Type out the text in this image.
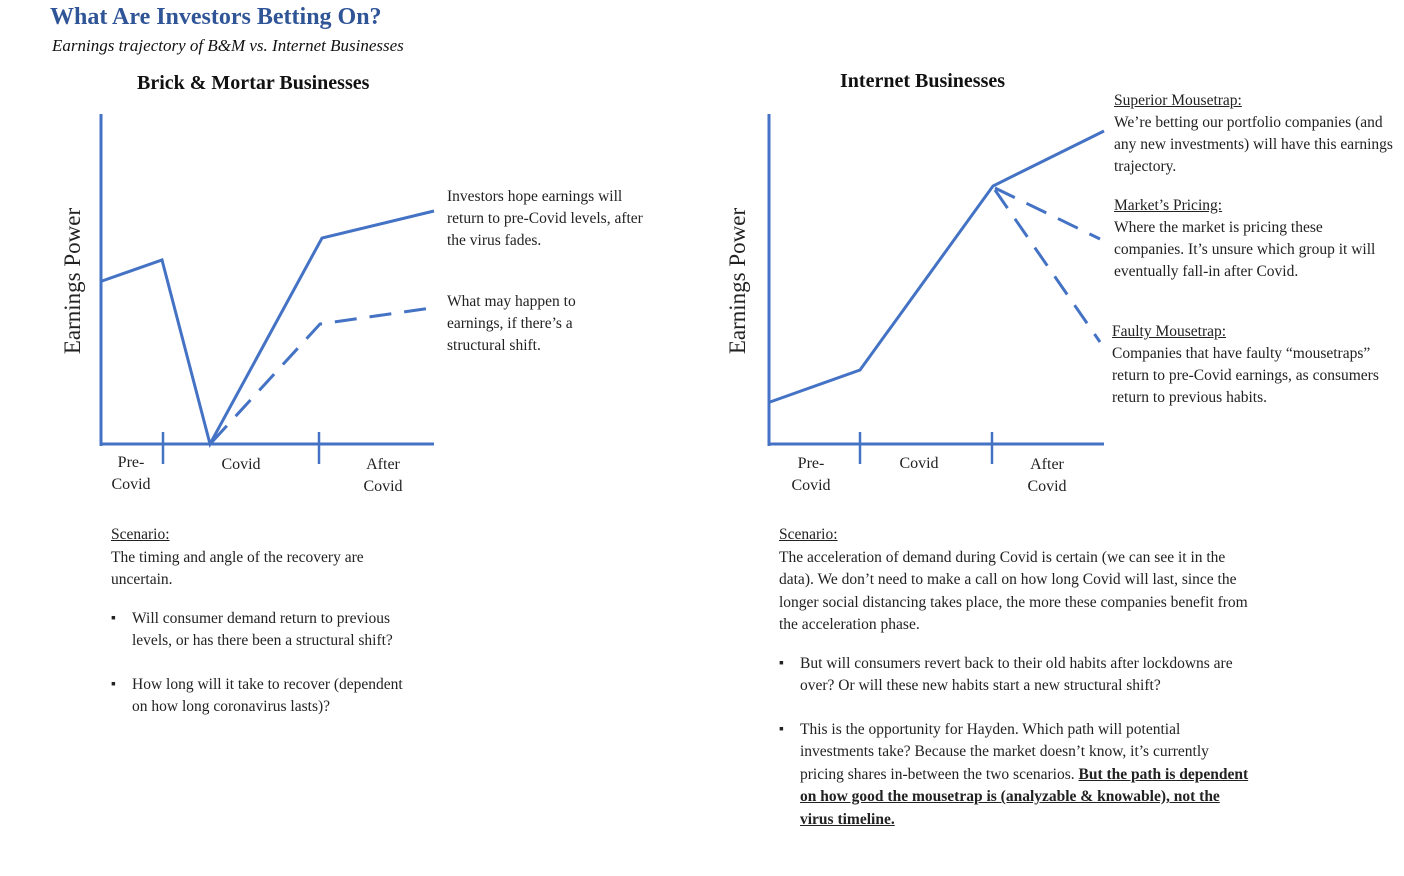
What Are Investors Betting On?
Earnings trajectory of B&M vs. Internet Businesses
Brick & Mortar Businesses	Internet Businesses
Earnings Power	Earnings Power
Pre-
Covid
Covid	After
Covid
Pre-
Covid
Covid	After
Covid
Investors hope earnings will return to pre-Covid levels, after the virus fades.
What may happen to earnings, if there’s a structural shift.
Superior Mousetrap:
We’re betting our portfolio companies (and any new investments) will have this earnings trajectory.
Market’s Pricing:
Where the market is pricing these companies. It’s unsure which group it will eventually fall-in after Covid.
Faulty Mousetrap:
Companies that have faulty “mousetraps” return to pre-Covid earnings, as consumers return to previous habits.
Scenario:
The timing and angle of the recovery are uncertain.
▪ Will consumer demand return to previous levels, or has there been a structural shift?
▪ How long will it take to recover (dependent on how long coronavirus lasts)?
Scenario:
The acceleration of demand during Covid is certain (we can see it in the data). We don’t need to make a call on how long Covid will last, since the longer social distancing takes place, the more these companies benefit from the acceleration phase.
▪ But will consumers revert back to their old habits after lockdowns are over? Or will these new habits start a new structural shift?
▪ This is the opportunity for Hayden. Which path will potential investments take? Because the market doesn’t know, it’s currently pricing shares in-between the two scenarios. But the path is dependent on how good the mousetrap is (analyzable & knowable), not the virus timeline.
